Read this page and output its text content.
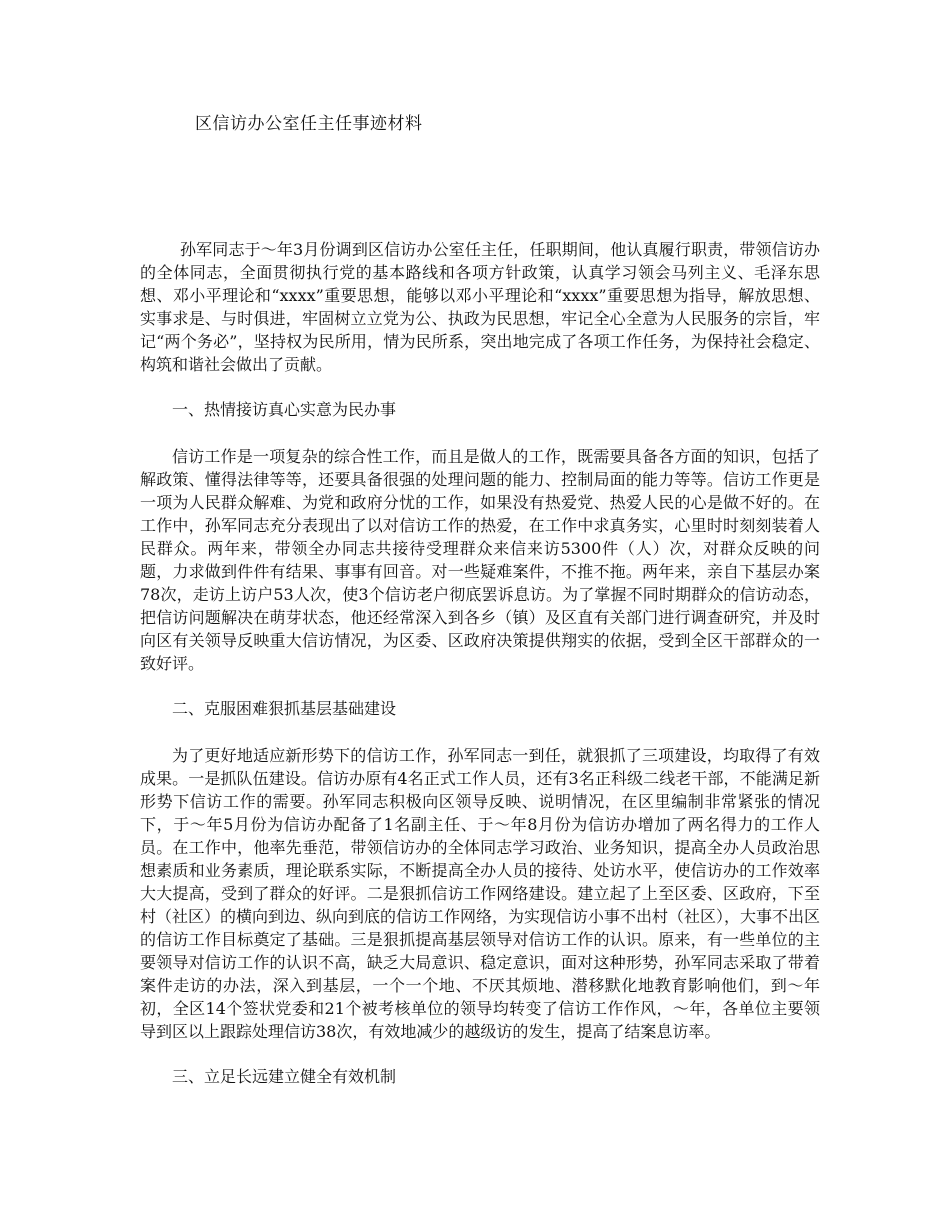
区信访办公室任主任事迹材料

孙军同志于～年3月份调到区信访办公室任主任，任职期间，他认真履行职责，带领信访办的全体同志，全面贯彻执行党的基本路线和各项方针政策，认真学习领会马列主义、毛泽东思想、邓小平理论和“xxxx”重要思想，能够以邓小平理论和“xxxx”重要思想为指导，解放思想、实事求是、与时俱进，牢固树立立党为公、执政为民思想，牢记全心全意为人民服务的宗旨，牢记“两个务必”，坚持权为民所用，情为民所系，突出地完成了各项工作任务，为保持社会稳定、构筑和谐社会做出了贡献。

一、热情接访真心实意为民办事

信访工作是一项复杂的综合性工作，而且是做人的工作，既需要具备各方面的知识，包括了解政策、懂得法律等等，还要具备很强的处理问题的能力、控制局面的能力等等。信访工作更是一项为人民群众解难、为党和政府分忧的工作，如果没有热爱党、热爱人民的心是做不好的。在工作中，孙军同志充分表现出了以对信访工作的热爱，在工作中求真务实，心里时时刻刻装着人民群众。两年来，带领全办同志共接待受理群众来信来访5300件（人）次，对群众反映的问题，力求做到件件有结果、事事有回音。对一些疑难案件，不推不拖。两年来，亲自下基层办案78次，走访上访户53人次，使3个信访老户彻底罢诉息访。为了掌握不同时期群众的信访动态，把信访问题解决在萌芽状态，他还经常深入到各乡（镇）及区直有关部门进行调查研究，并及时向区有关领导反映重大信访情况，为区委、区政府决策提供翔实的依据，受到全区干部群众的一致好评。

二、克服困难狠抓基层基础建设

为了更好地适应新形势下的信访工作，孙军同志一到任，就狠抓了三项建设，均取得了有效成果。一是抓队伍建设。信访办原有4名正式工作人员，还有3名正科级二线老干部，不能满足新形势下信访工作的需要。孙军同志积极向区领导反映、说明情况，在区里编制非常紧张的情况下，于～年5月份为信访办配备了1名副主任、于～年8月份为信访办增加了两名得力的工作人员。在工作中，他率先垂范，带领信访办的全体同志学习政治、业务知识，提高全办人员政治思想素质和业务素质，理论联系实际，不断提高全办人员的接待、处访水平，使信访办的工作效率大大提高，受到了群众的好评。二是狠抓信访工作网络建设。建立起了上至区委、区政府，下至村（社区）的横向到边、纵向到底的信访工作网络，为实现信访小事不出村（社区），大事不出区的信访工作目标奠定了基础。三是狠抓提高基层领导对信访工作的认识。原来，有一些单位的主要领导对信访工作的认识不高，缺乏大局意识、稳定意识，面对这种形势，孙军同志采取了带着案件走访的办法，深入到基层，一个一个地、不厌其烦地、潜移默化地教育影响他们，到～年初，全区14个签状党委和21个被考核单位的领导均转变了信访工作作风，～年，各单位主要领导到区以上跟踪处理信访38次，有效地减少的越级访的发生，提高了结案息访率。

三、立足长远建立健全有效机制
